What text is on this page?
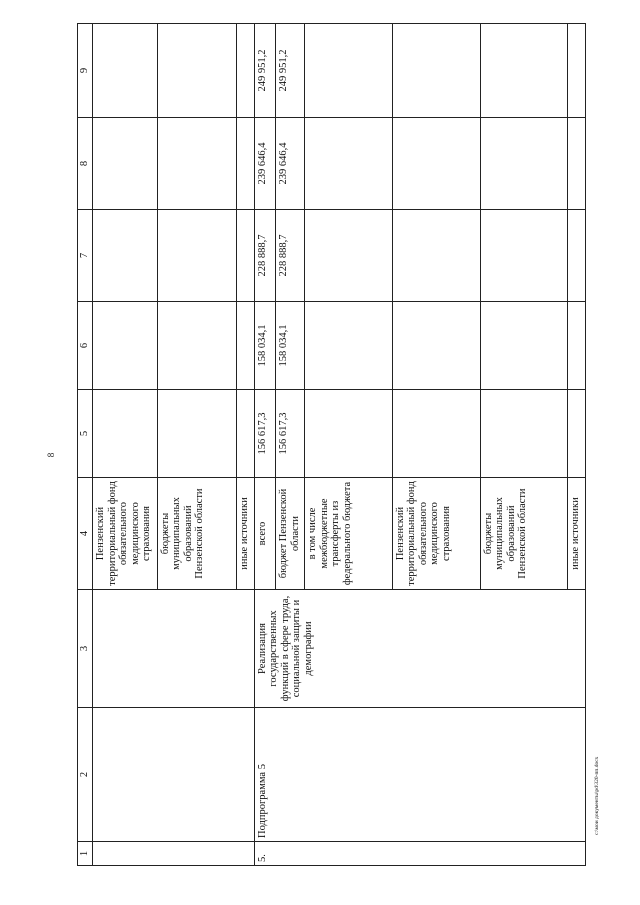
8
1	2	3	4	5	6	7	8	9
			Пензенский территориальный фонд обязательного медицинского страхования					
			бюджеты муниципальных образований Пензенской области					
			иные источники					
5.	Подпрограмма 5	Реализация государственных функций в сфере труда, социальной защиты и демографии	всего	156 617,3	158 034,1	228 888,7	239 646,4	249 951,2
			бюджет Пензенской области	156 617,3	158 034,1	228 888,7	239 646,4	249 951,2
			в том числе межбюджетные трансферты из федерального бюджета					
			Пензенский территориальный фонд обязательного медицинского страхования					
			бюджеты муниципальных образований Пензенской области					
			иные источники					
c:\мои документы\рd\320-пп.docx
